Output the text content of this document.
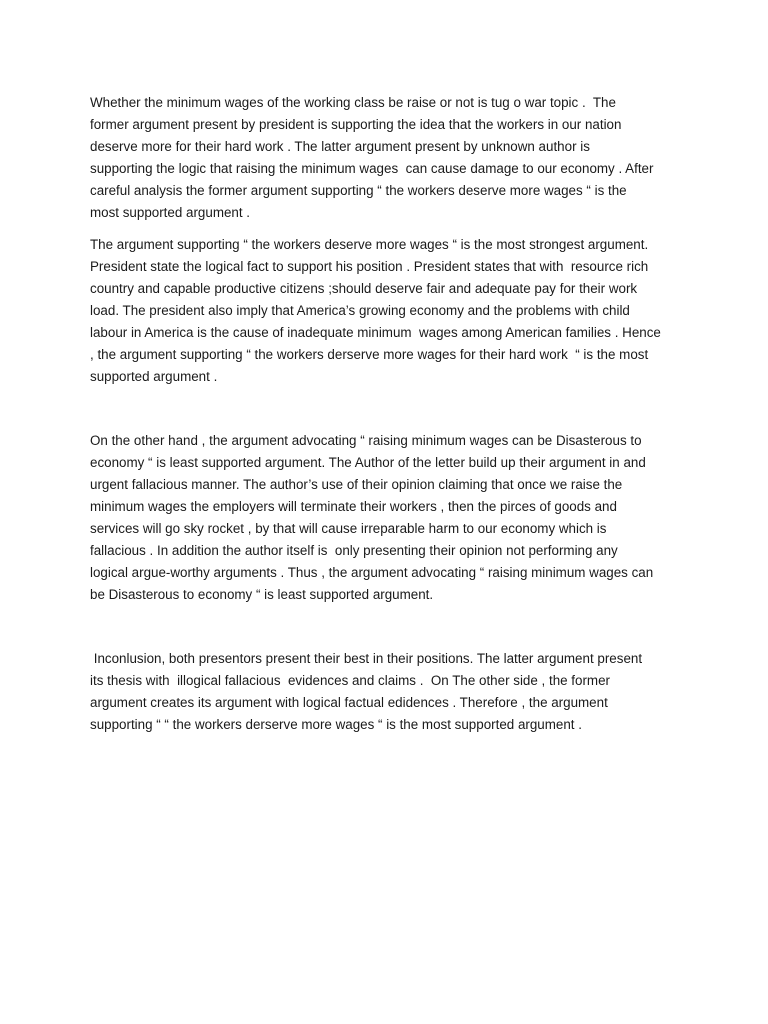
Whether the minimum wages of the working class be raise or not is tug o war topic .  The
former argument present by president is supporting the idea that the workers in our nation
deserve more for their hard work . The latter argument present by unknown author is
supporting the logic that raising the minimum wages  can cause damage to our economy . After
careful analysis the former argument supporting “ the workers deserve more wages “ is the
most supported argument .

The argument supporting “ the workers deserve more wages “ is the most strongest argument.
President state the logical fact to support his position . President states that with  resource rich
country and capable productive citizens ;should deserve fair and adequate pay for their work
load. The president also imply that America’s growing economy and the problems with child
labour in America is the cause of inadequate minimum  wages among American families . Hence
, the argument supporting “ the workers derserve more wages for their hard work  “ is the most
supported argument .

On the other hand , the argument advocating “ raising minimum wages can be Disasterous to
economy “ is least supported argument. The Author of the letter build up their argument in and
urgent fallacious manner. The author’s use of their opinion claiming that once we raise the
minimum wages the employers will terminate their workers , then the pirces of goods and
services will go sky rocket , by that will cause irreparable harm to our economy which is
fallacious . In addition the author itself is  only presenting their opinion not performing any
logical argue-worthy arguments . Thus , the argument advocating “ raising minimum wages can
be Disasterous to economy “ is least supported argument.

Inconlusion, both presentors present their best in their positions. The latter argument present
its thesis with  illogical fallacious  evidences and claims .  On The other side , the former
argument creates its argument with logical factual edidences . Therefore , the argument
supporting “ “ the workers derserve more wages “ is the most supported argument .
